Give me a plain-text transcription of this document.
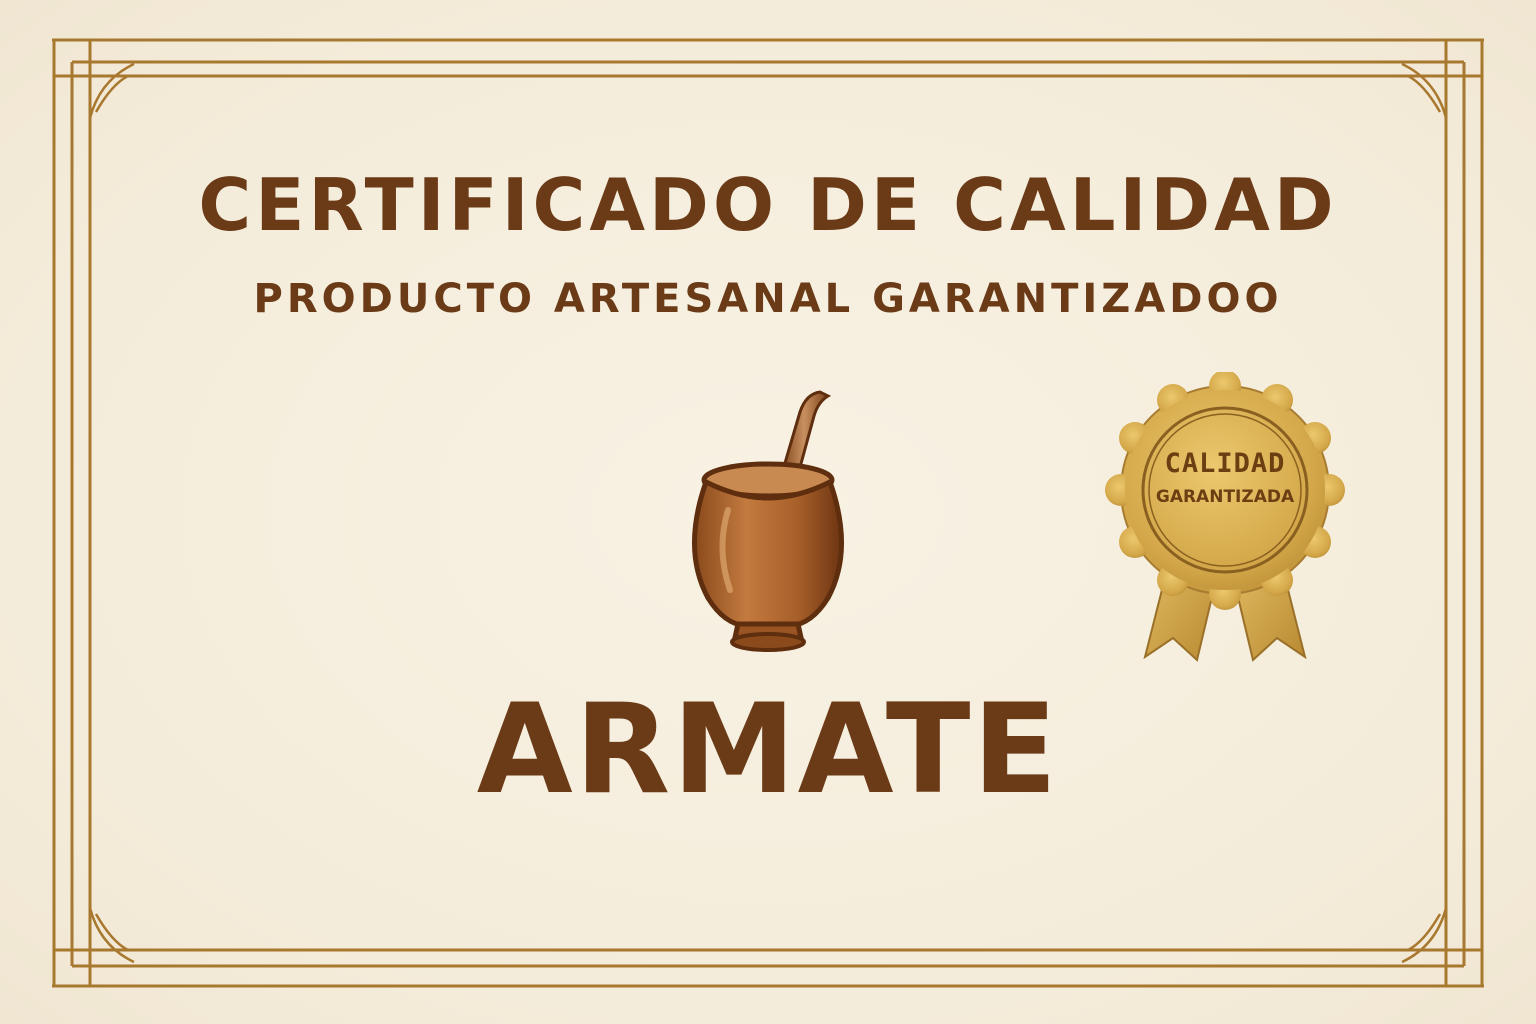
CERTIFICADO DE CALIDAD
PRODUCTO ARTESANAL GARANTIZADOO
ARMATE
CALIDAD
GARANTIZADA
